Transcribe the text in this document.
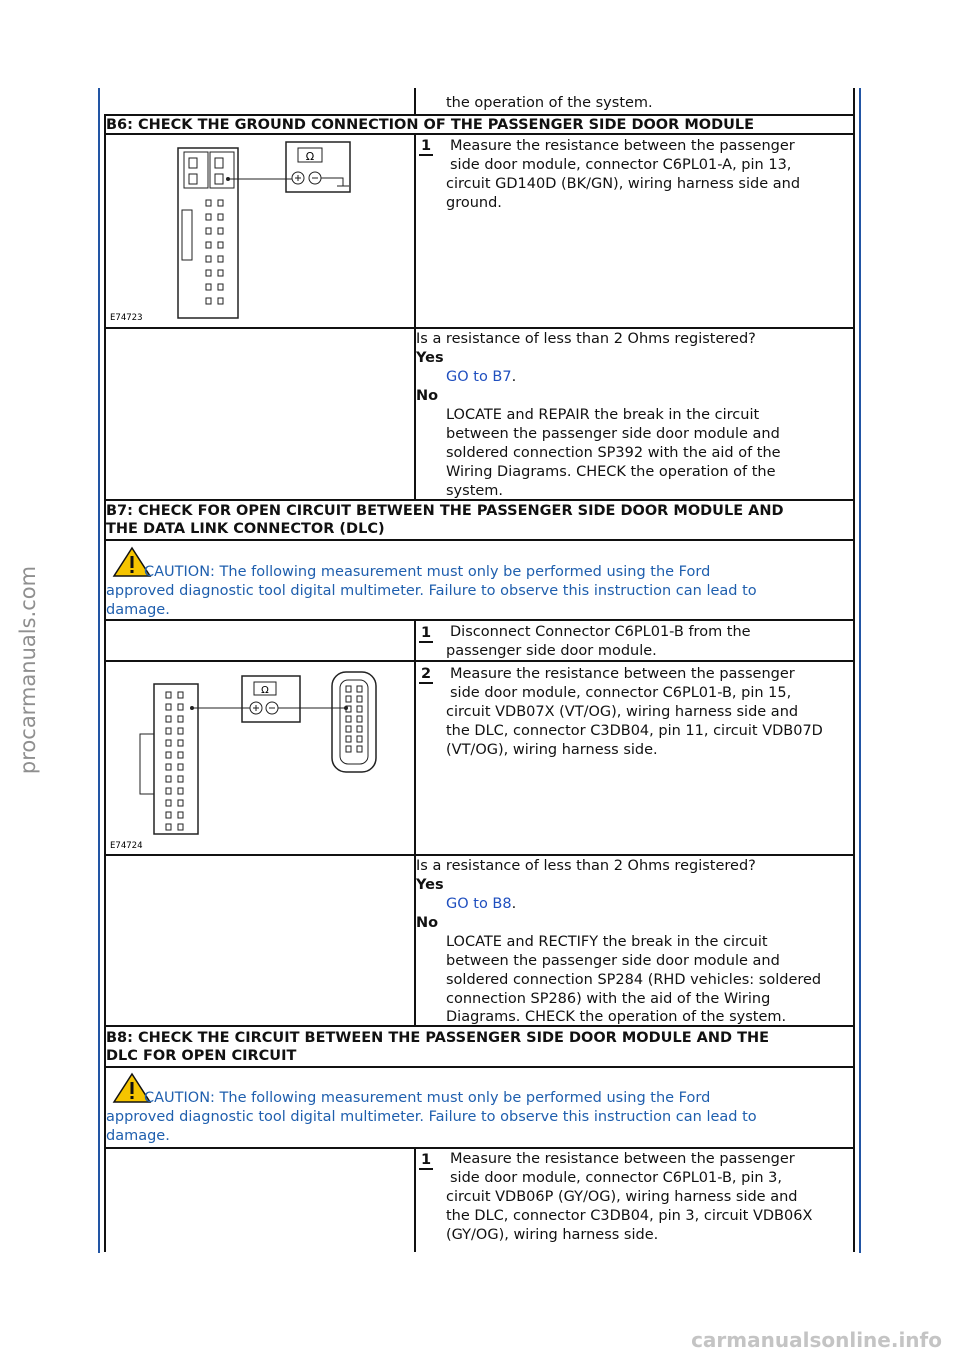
procarmanuals.com
the operation of the system.
B6: CHECK THE GROUND CONNECTION OF THE PASSENGER SIDE DOOR MODULE
Ω
E74723
1 Measure the resistance between the passenger
side door module, connector C6PL01-A, pin 13,
circuit GD140D (BK/GN), wiring harness side and
ground.
Is a resistance of less than 2 Ohms registered?
Yes
GO to B7.
No
LOCATE and REPAIR the break in the circuit
between the passenger side door module and
soldered connection SP392 with the aid of the
Wiring Diagrams. CHECK the operation of the
system.
B7: CHECK FOR OPEN CIRCUIT BETWEEN THE PASSENGER SIDE DOOR MODULE AND
THE DATA LINK CONNECTOR (DLC)
CAUTION: The following measurement must only be performed using the Ford
approved diagnostic tool digital multimeter. Failure to observe this instruction can lead to
damage.
1 Disconnect Connector C6PL01-B from the
passenger side door module.
Ω
E74724
2 Measure the resistance between the passenger
side door module, connector C6PL01-B, pin 15,
circuit VDB07X (VT/OG), wiring harness side and
the DLC, connector C3DB04, pin 11, circuit VDB07D
(VT/OG), wiring harness side.
Is a resistance of less than 2 Ohms registered?
Yes
GO to B8.
No
LOCATE and RECTIFY the break in the circuit
between the passenger side door module and
soldered connection SP284 (RHD vehicles: soldered
connection SP286) with the aid of the Wiring
Diagrams. CHECK the operation of the system.
B8: CHECK THE CIRCUIT BETWEEN THE PASSENGER SIDE DOOR MODULE AND THE
DLC FOR OPEN CIRCUIT
CAUTION: The following measurement must only be performed using the Ford
approved diagnostic tool digital multimeter. Failure to observe this instruction can lead to
damage.
1 Measure the resistance between the passenger
side door module, connector C6PL01-B, pin 3,
circuit VDB06P (GY/OG), wiring harness side and
the DLC, connector C3DB04, pin 3, circuit VDB06X
(GY/OG), wiring harness side.
carmanualsonline.info
